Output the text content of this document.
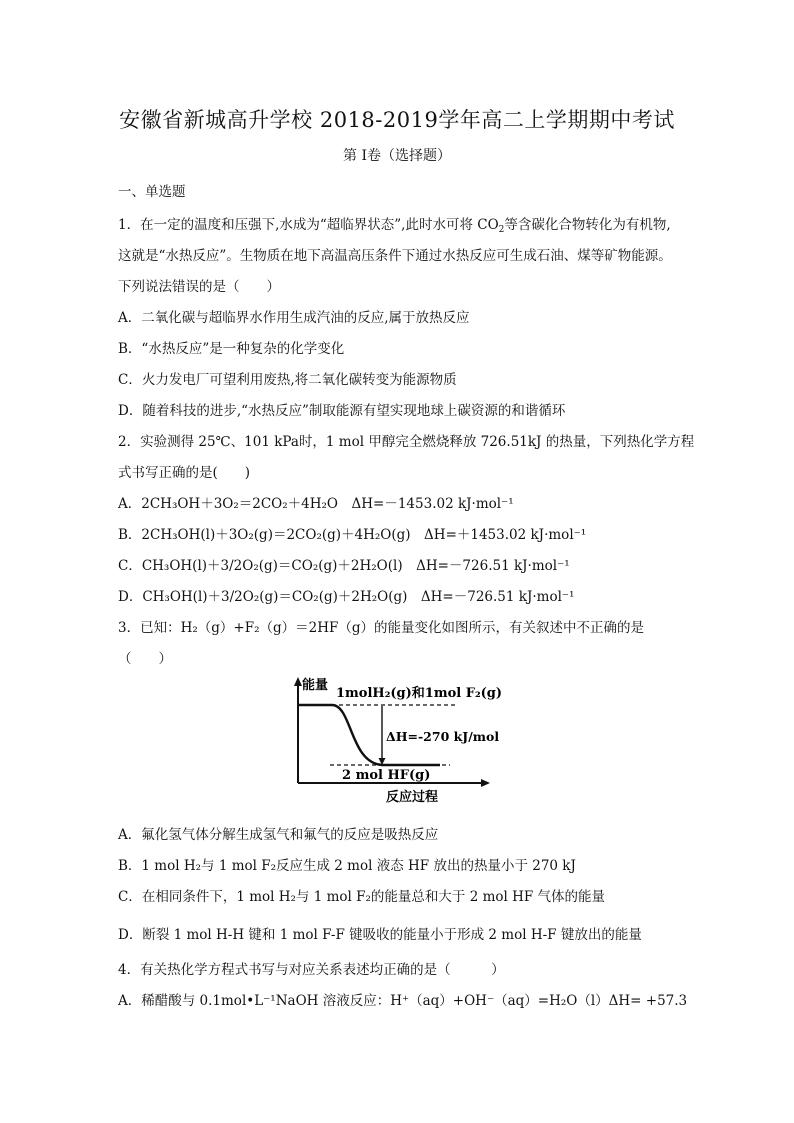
安徽省新城高升学校 2018-2019学年高二上学期期中考试
第 I卷（选择题）
一、单选题
1．在一定的温度和压强下,水成为“超临界状态”,此时水可将 $CO_2$等含碳化合物转化为有机物,
这就是“水热反应”。生物质在地下高温高压条件下通过水热反应可生成石油、煤等矿物能源。
下列说法错误的是（　　）
A．二氧化碳与超临界水作用生成汽油的反应,属于放热反应
B．“水热反应”是一种复杂的化学变化
C．火力发电厂可望利用废热,将二氧化碳转变为能源物质
D．随着科技的进步,“水热反应”制取能源有望实现地球上碳资源的和谐循环
2．实验测得 25℃、101 kPa时，1 mol 甲醇完全燃烧释放 726.51kJ 的热量，下列热化学方程
式书写正确的是(　　)
A．2CH₃OH＋3O₂＝2CO₂＋4H₂O　ΔH=－1453.02 kJ·mol⁻¹
B．2CH₃OH(l)＋3O₂(g)＝2CO₂(g)＋4H₂O(g)　ΔH=＋1453.02 kJ·mol⁻¹
C．CH₃OH(l)＋3/2O₂(g)＝CO₂(g)＋2H₂O(l)　ΔH=－726.51 kJ·mol⁻¹
D．CH₃OH(l)＋3/2O₂(g)＝CO₂(g)＋2H₂O(g)　ΔH=－726.51 kJ·mol⁻¹
3．已知：H₂（g）+F₂（g）＝2HF（g）的能量变化如图所示，有关叙述中不正确的是
（　　）
能量
1molH₂(g)和1mol F₂(g)
ΔH=-270 kJ/mol
2 mol HF(g)
反应过程
A．氟化氢气体分解生成氢气和氟气的反应是吸热反应
B．1 mol H₂与 1 mol F₂反应生成 2 mol 液态 HF 放出的热量小于 270 kJ
C．在相同条件下，1 mol H₂与 1 mol F₂的能量总和大于 2 mol HF 气体的能量
D．断裂 1 mol H-H 键和 1 mol F-F 键吸收的能量小于形成 2 mol H-F 键放出的能量
4．有关热化学方程式书写与对应关系表述均正确的是（　　　）
A．稀醋酸与 0.1mol•L⁻¹NaOH 溶液反应：H⁺（aq）+OH⁻（aq）=H₂O（l）ΔH= +57.3
